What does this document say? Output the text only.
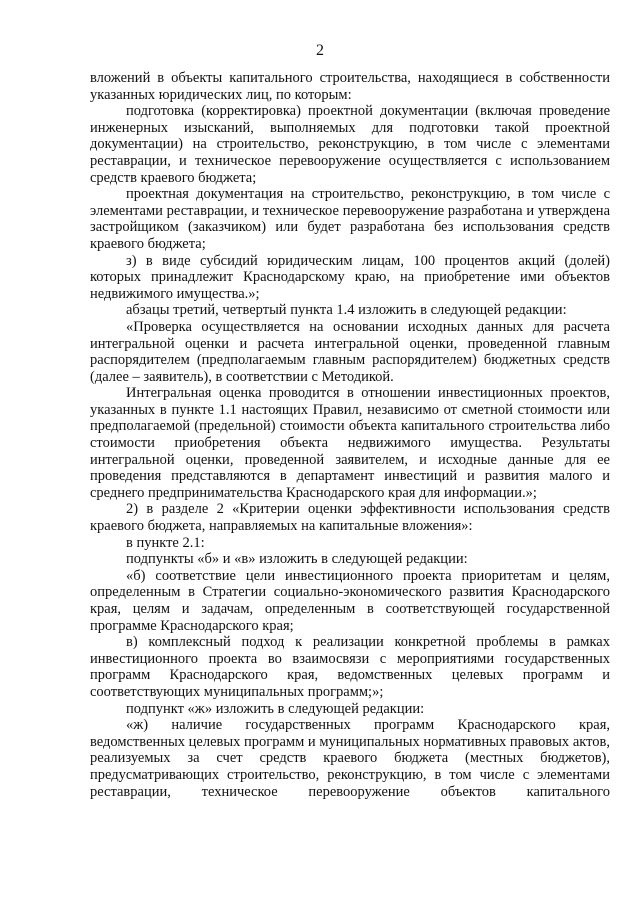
2

вложений в объекты капитального строительства, находящиеся в собственности указанных юридических лиц, по которым:

подготовка (корректировка) проектной документации (включая проведение инженерных изысканий, выполняемых для подготовки такой проектной документации) на строительство, реконструкцию, в том числе с элементами реставрации, и техническое перевооружение осуществляется с использованием средств краевого бюджета;

проектная документация на строительство, реконструкцию, в том числе с элементами реставрации, и техническое перевооружение разработана и утверждена застройщиком (заказчиком) или будет разработана без использования средств краевого бюджета;

з) в виде субсидий юридическим лицам, 100 процентов акций (долей) которых принадлежит Краснодарскому краю, на приобретение ими объектов недвижимого имущества.»;

абзацы третий, четвертый пункта 1.4 изложить в следующей редакции:

«Проверка осуществляется на основании исходных данных для расчета интегральной оценки и расчета интегральной оценки, проведенной главным распорядителем (предполагаемым главным распорядителем) бюджетных средств (далее – заявитель), в соответствии с Методикой.

Интегральная оценка проводится в отношении инвестиционных проектов, указанных в пункте 1.1 настоящих Правил, независимо от сметной стоимости или предполагаемой (предельной) стоимости объекта капитального строительства либо стоимости приобретения объекта недвижимого имущества. Результаты интегральной оценки, проведенной заявителем, и исходные данные для ее проведения представляются в департамент инвестиций и развития малого и среднего предпринимательства Краснодарского края для информации.»;

2) в разделе 2 «Критерии оценки эффективности использования средств краевого бюджета, направляемых на капитальные вложения»:

в пункте 2.1:

подпункты «б» и «в» изложить в следующей редакции:

«б) соответствие цели инвестиционного проекта приоритетам и целям, определенным в Стратегии социально-экономического развития Краснодарского края, целям и задачам, определенным в соответствующей государственной программе Краснодарского края;

в) комплексный подход к реализации конкретной проблемы в рамках инвестиционного проекта во взаимосвязи с мероприятиями государственных программ Краснодарского края, ведомственных целевых программ и соответствующих муниципальных программ;»;

подпункт «ж» изложить в следующей редакции:

«ж) наличие государственных программ Краснодарского края, ведомственных целевых программ и муниципальных нормативных правовых актов, реализуемых за счет средств краевого бюджета (местных бюджетов), предусматривающих строительство, реконструкцию, в том числе с элементами реставрации, техническое перевооружение объектов капитального
